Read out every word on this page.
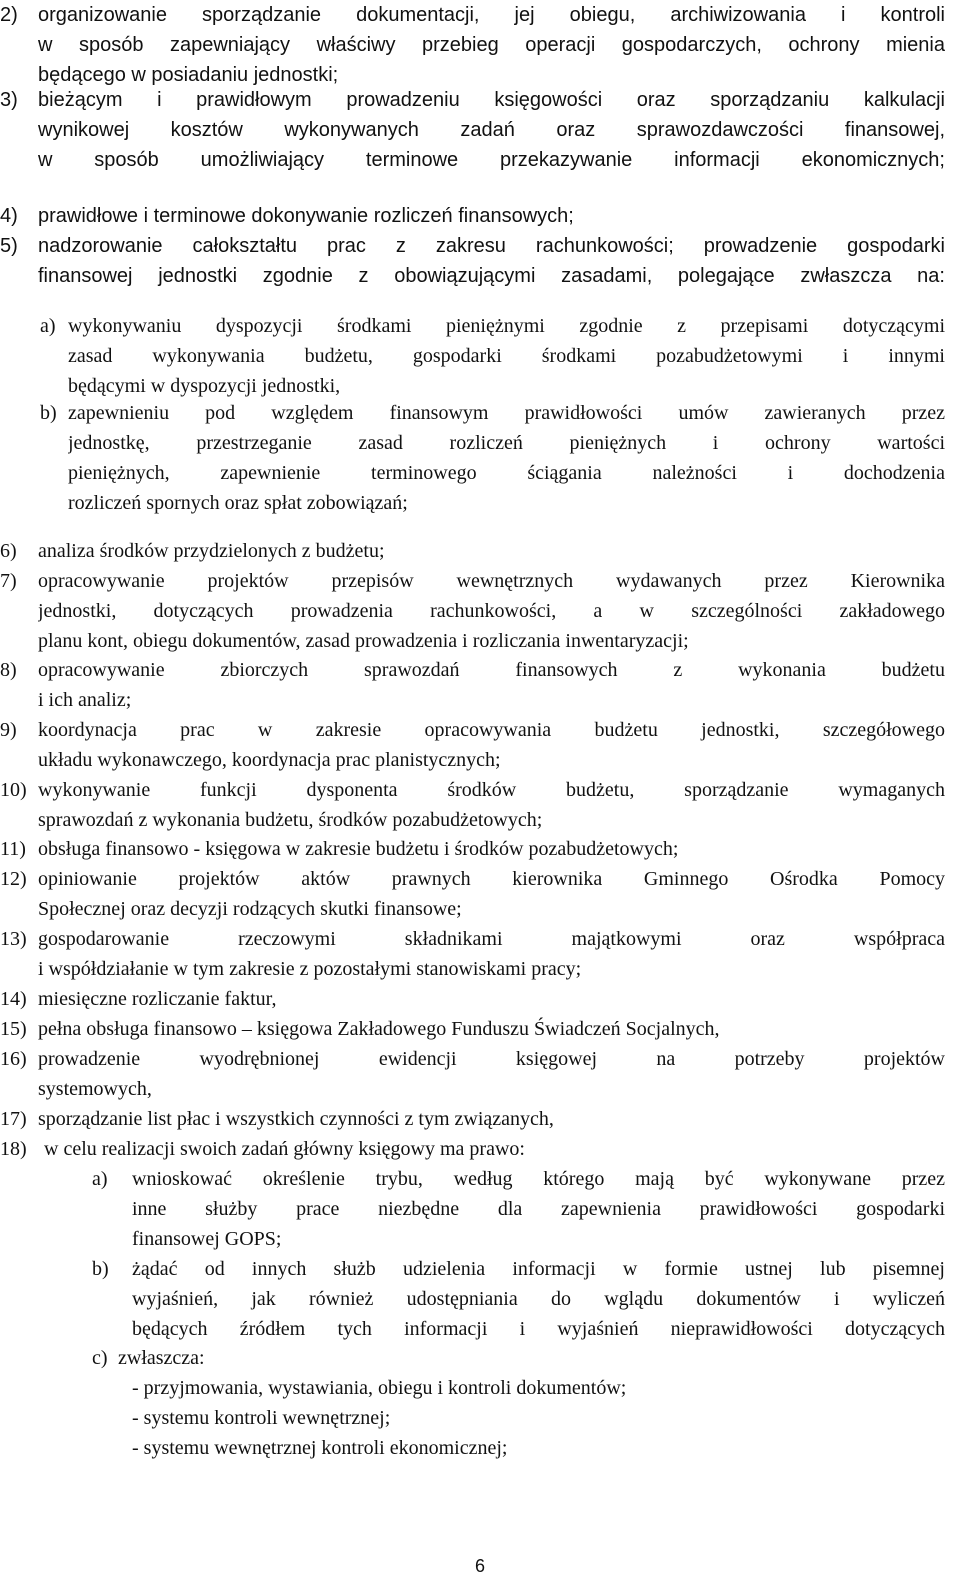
2) organizowanie sporządzanie dokumentacji, jej obiegu, archiwizowania i kontroli
w sposób zapewniający właściwy przebieg operacji gospodarczych, ochrony mienia
będącego w posiadaniu jednostki;
3) bieżącym i prawidłowym prowadzeniu księgowości oraz sporządzaniu kalkulacji
wynikowej kosztów wykonywanych zadań oraz sprawozdawczości finansowej,
w sposób umożliwiający terminowe przekazywanie informacji ekonomicznych;
4) prawidłowe i terminowe dokonywanie rozliczeń finansowych;
5) nadzorowanie całokształtu prac z zakresu rachunkowości; prowadzenie gospodarki
finansowej jednostki zgodnie z obowiązującymi zasadami, polegające zwłaszcza na:
a) wykonywaniu dyspozycji środkami pieniężnymi zgodnie z przepisami dotyczącymi
zasad wykonywania budżetu, gospodarki środkami pozabudżetowymi i innymi
będącymi w dyspozycji jednostki,
b) zapewnieniu pod względem finansowym prawidłowości umów zawieranych przez
jednostkę, przestrzeganie zasad rozliczeń pieniężnych i ochrony wartości
pieniężnych, zapewnienie terminowego ściągania należności i dochodzenia
rozliczeń spornych oraz spłat zobowiązań;
6) analiza środków przydzielonych z budżetu;
7) opracowywanie projektów przepisów wewnętrznych wydawanych przez Kierownika
jednostki, dotyczących prowadzenia rachunkowości, a w szczególności zakładowego
planu kont, obiegu dokumentów, zasad prowadzenia i rozliczania inwentaryzacji;
8) opracowywanie zbiorczych sprawozdań finansowych z wykonania budżetu
i ich analiz;
9) koordynacja prac w zakresie opracowywania budżetu jednostki, szczegółowego
układu wykonawczego, koordynacja prac planistycznych;
10) wykonywanie funkcji dysponenta środków budżetu, sporządzanie wymaganych
sprawozdań z wykonania budżetu, środków pozabudżetowych;
11) obsługa finansowo - księgowa w zakresie budżetu i środków pozabudżetowych;
12) opiniowanie projektów aktów prawnych kierownika Gminnego Ośrodka Pomocy
Społecznej oraz decyzji rodzących skutki finansowe;
13) gospodarowanie rzeczowymi składnikami majątkowymi oraz współpraca
i współdziałanie w tym zakresie z pozostałymi stanowiskami pracy;
14) miesięczne rozliczanie faktur,
15) pełna obsługa finansowo – księgowa Zakładowego Funduszu Świadczeń Socjalnych,
16) prowadzenie wyodrębnionej ewidencji księgowej na potrzeby projektów
systemowych,
17) sporządzanie list płac i wszystkich czynności z tym związanych,
18) w celu realizacji swoich zadań główny księgowy ma prawo:
a) wnioskować określenie trybu, według którego mają być wykonywane przez
inne służby prace niezbędne dla zapewnienia prawidłowości gospodarki
finansowej GOPS;
b) żądać od innych służb udzielenia informacji w formie ustnej lub pisemnej
wyjaśnień, jak również udostępniania do wglądu dokumentów i wyliczeń
będących źródłem tych informacji i wyjaśnień nieprawidłowości dotyczących
c) zwłaszcza:
- przyjmowania, wystawiania, obiegu i kontroli dokumentów;
- systemu kontroli wewnętrznej;
- systemu wewnętrznej kontroli ekonomicznej;
6
